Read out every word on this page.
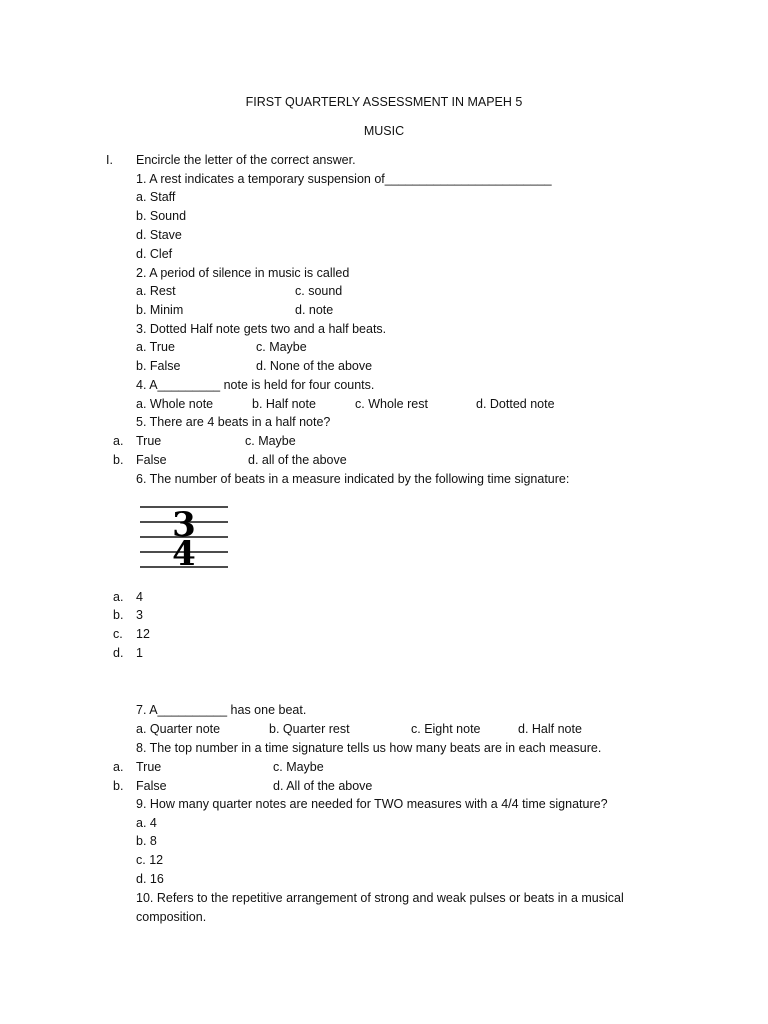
FIRST QUARTERLY ASSESSMENT IN MAPEH 5
MUSIC
I. Encircle the letter of the correct answer.
1. A rest indicates a temporary suspension of________________________
a. Staff
b. Sound
d. Stave
d. Clef
2. A period of silence in music is called
a. Rest	c. sound
b. Minim	d. note
3. Dotted Half note gets two and a half beats.
a. True	c. Maybe
b. False	d. None of the above
4. A_________ note is held for four counts.
a. Whole note	b. Half note	c. Whole rest	d. Dotted note
5. There are 4 beats in a half note?
a. True	c. Maybe
b. False	d. all of the above
6. The number of beats in a measure indicated by the following time signature:
3
4
a. 4
b. 3
c. 12
d. 1
7. A__________ has one beat.
a. Quarter note	b. Quarter rest	c. Eight note	d. Half note
8. The top number in a time signature tells us how many beats are in each measure.
a. True	c. Maybe
b. False	d. All of the above
9. How many quarter notes are needed for TWO measures with a 4/4 time signature?
a. 4
b. 8
c. 12
d. 16
10. Refers to the repetitive arrangement of strong and weak pulses or beats in a musical
composition.
